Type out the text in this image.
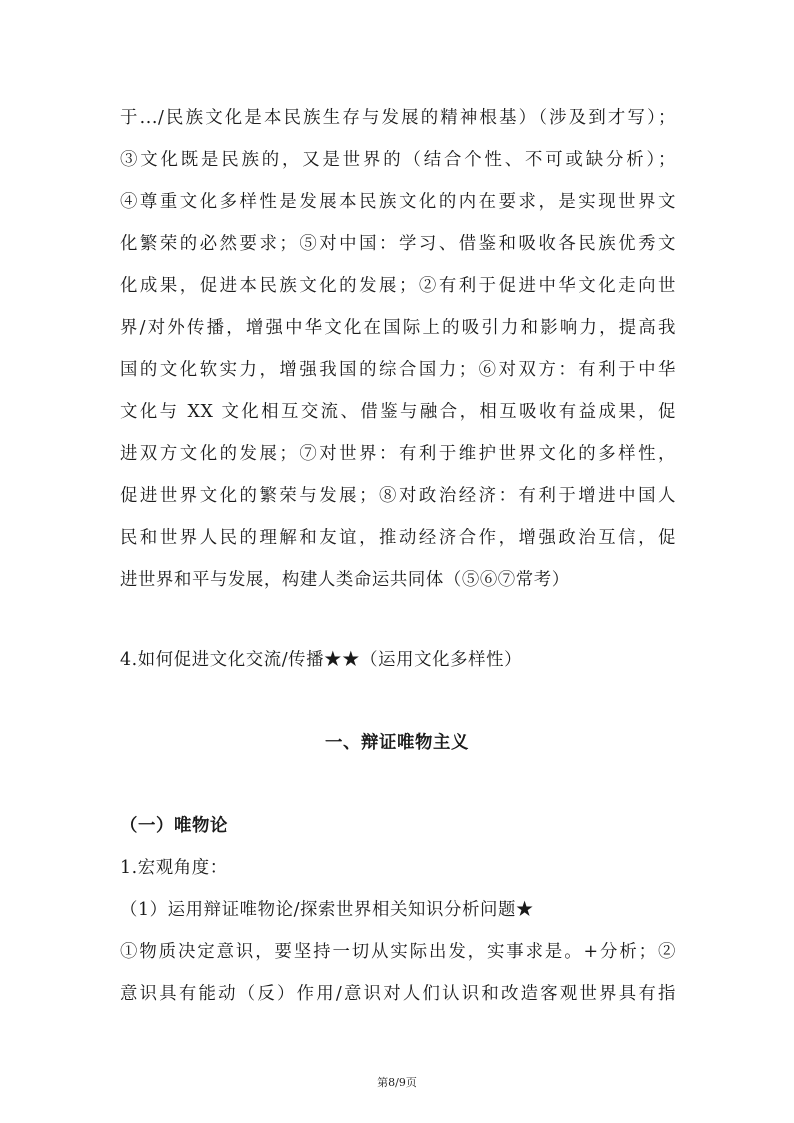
于.../民族文化是本民族生存与发展的精神根基）（涉及到才写）；
③文化既是民族的，又是世界的（结合个性、不可或缺分析）；
④尊重文化多样性是发展本民族文化的内在要求，是实现世界文
化繁荣的必然要求；⑤对中国：学习、借鉴和吸收各民族优秀文
化成果，促进本民族文化的发展；②有利于促进中华文化走向世
界/对外传播，增强中华文化在国际上的吸引力和影响力，提高我
国的文化软实力，增强我国的综合国力；⑥对双方：有利于中华
文化与 XX 文化相互交流、借鉴与融合，相互吸收有益成果，促
进双方文化的发展；⑦对世界：有利于维护世界文化的多样性，
促进世界文化的繁荣与发展；⑧对政治经济：有利于增进中国人
民和世界人民的理解和友谊，推动经济合作，增强政治互信，促
进世界和平与发展，构建人类命运共同体（⑤⑥⑦常考）
4.如何促进文化交流/传播★★（运用文化多样性）
一、辩证唯物主义
（一）唯物论
1.宏观角度：
（1）运用辩证唯物论/探索世界相关知识分析问题★
①物质决定意识，要坚持一切从实际出发，实事求是。+分析；②
意识具有能动（反）作用/意识对人们认识和改造客观世界具有指
第8/9页
